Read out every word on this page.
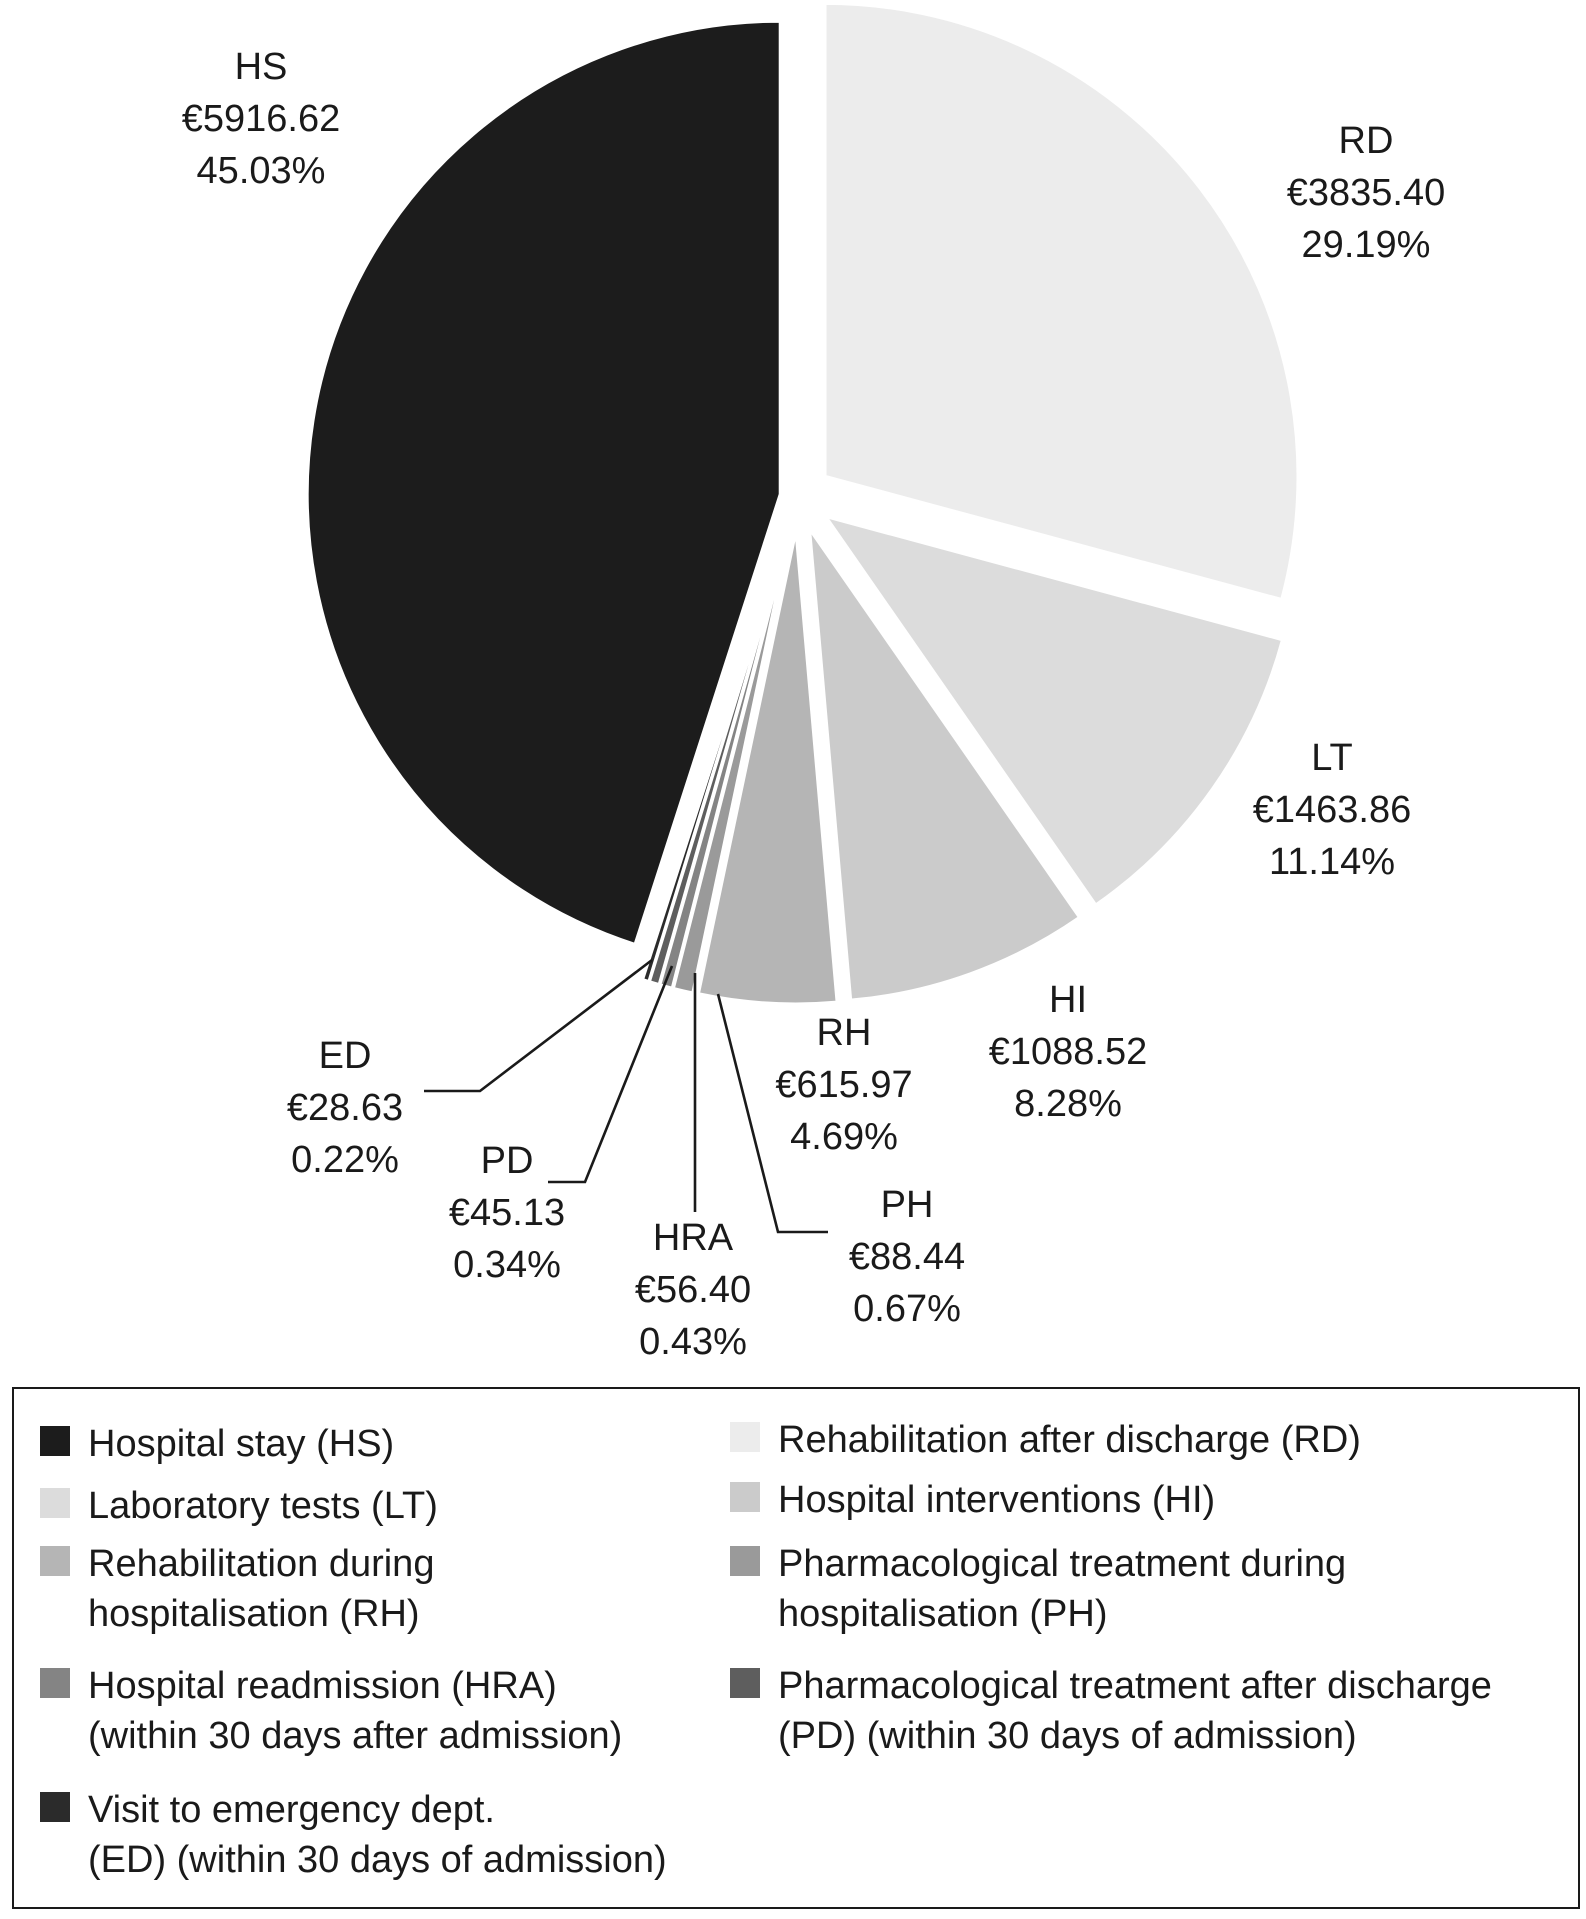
RD
€3835.40
29.19%
LT
€1463.86
11.14%
HI
€1088.52
8.28%
RH
€615.97
4.69%
PH
€88.44
0.67%
HRA
€56.40
0.43%
PD
€45.13
0.34%
ED
€28.63
0.22%
HS
€5916.62
45.03%
Hospital stay (HS)	Rehabilitation after discharge (RD)
Laboratory tests (LT)	Hospital interventions (HI)
Rehabilitation during
hospitalisation (RH)
Pharmacological treatment during
hospitalisation (PH)
Hospital readmission (HRA)
(within 30 days after admission)
Pharmacological treatment after discharge
(PD) (within 30 days of admission)
Visit to emergency dept.
(ED) (within 30 days of admission)
